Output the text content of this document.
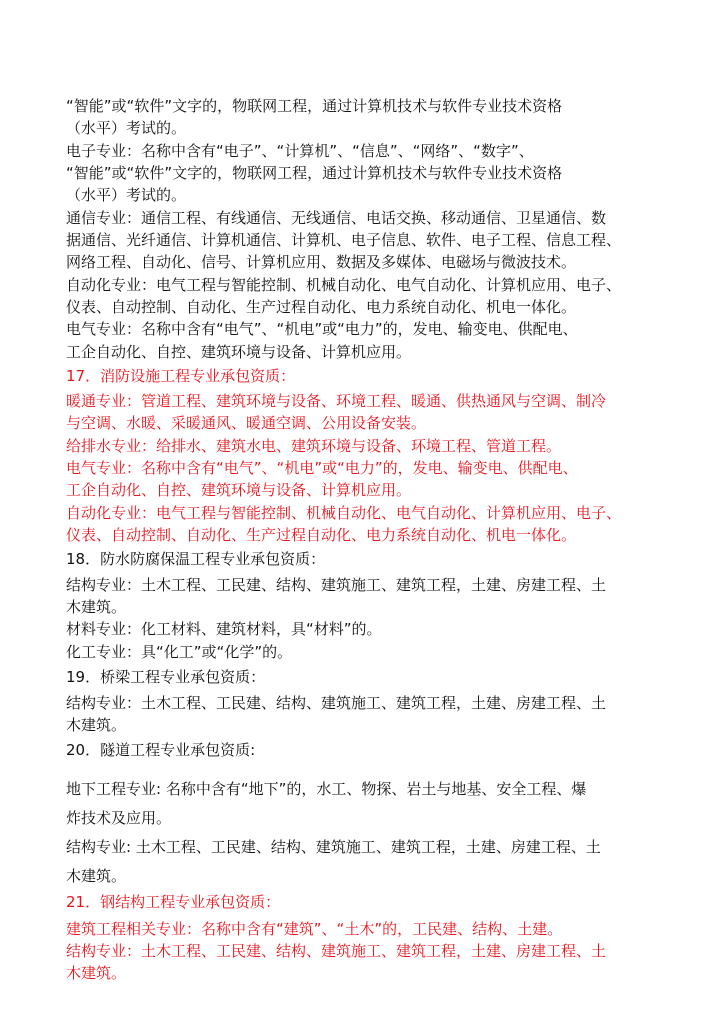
“智能”或“软件”文字的，物联网工程，通过计算机技术与软件专业技术资格

（水平）考试的。

电子专业：名称中含有“电子”、“计算机”、“信息”、“网络”、“数字”、

“智能”或“软件”文字的，物联网工程，通过计算机技术与软件专业技术资格

（水平）考试的。

通信专业：通信工程、有线通信、无线通信、电话交换、移动通信、卫星通信、数

据通信、光纤通信、计算机通信、计算机、电子信息、软件、电子工程、信息工程、

网络工程、自动化、信号、计算机应用、数据及多媒体、电磁场与微波技术。

自动化专业：电气工程与智能控制、机械自动化、电气自动化、计算机应用、电子、

仪表、自动控制、自动化、生产过程自动化、电力系统自动化、机电一体化。

电气专业：名称中含有“电气”、“机电”或“电力”的，发电、输变电、供配电、

工企自动化、自控、建筑环境与设备、计算机应用。

17．消防设施工程专业承包资质：

暖通专业：管道工程、建筑环境与设备、环境工程、暖通、供热通风与空调、制冷

与空调、水暖、采暖通风、暖通空调、公用设备安装。

给排水专业：给排水、建筑水电、建筑环境与设备、环境工程、管道工程。

电气专业：名称中含有“电气”、“机电”或“电力”的，发电、输变电、供配电、

工企自动化、自控、建筑环境与设备、计算机应用。

自动化专业：电气工程与智能控制、机械自动化、电气自动化、计算机应用、电子、

仪表、自动控制、自动化、生产过程自动化、电力系统自动化、机电一体化。

18．防水防腐保温工程专业承包资质：

结构专业：土木工程、工民建、结构、建筑施工、建筑工程，土建、房建工程、土

木建筑。

材料专业：化工材料、建筑材料，具“材料”的。

化工专业：具“化工”或“化学”的。

19．桥梁工程专业承包资质：

结构专业：土木工程、工民建、结构、建筑施工、建筑工程，土建、房建工程、土

木建筑。

20．隧道工程专业承包资质:

地下工程专业: 名称中含有“地下”的，水工、物探、岩土与地基、安全工程、爆

炸技术及应用。

结构专业: 土木工程、工民建、结构、建筑施工、建筑工程，土建、房建工程、土

木建筑。

21．钢结构工程专业承包资质：

建筑工程相关专业：名称中含有“建筑”、“土木”的，工民建、结构、土建。

结构专业：土木工程、工民建、结构、建筑施工、建筑工程，土建、房建工程、土

木建筑。
